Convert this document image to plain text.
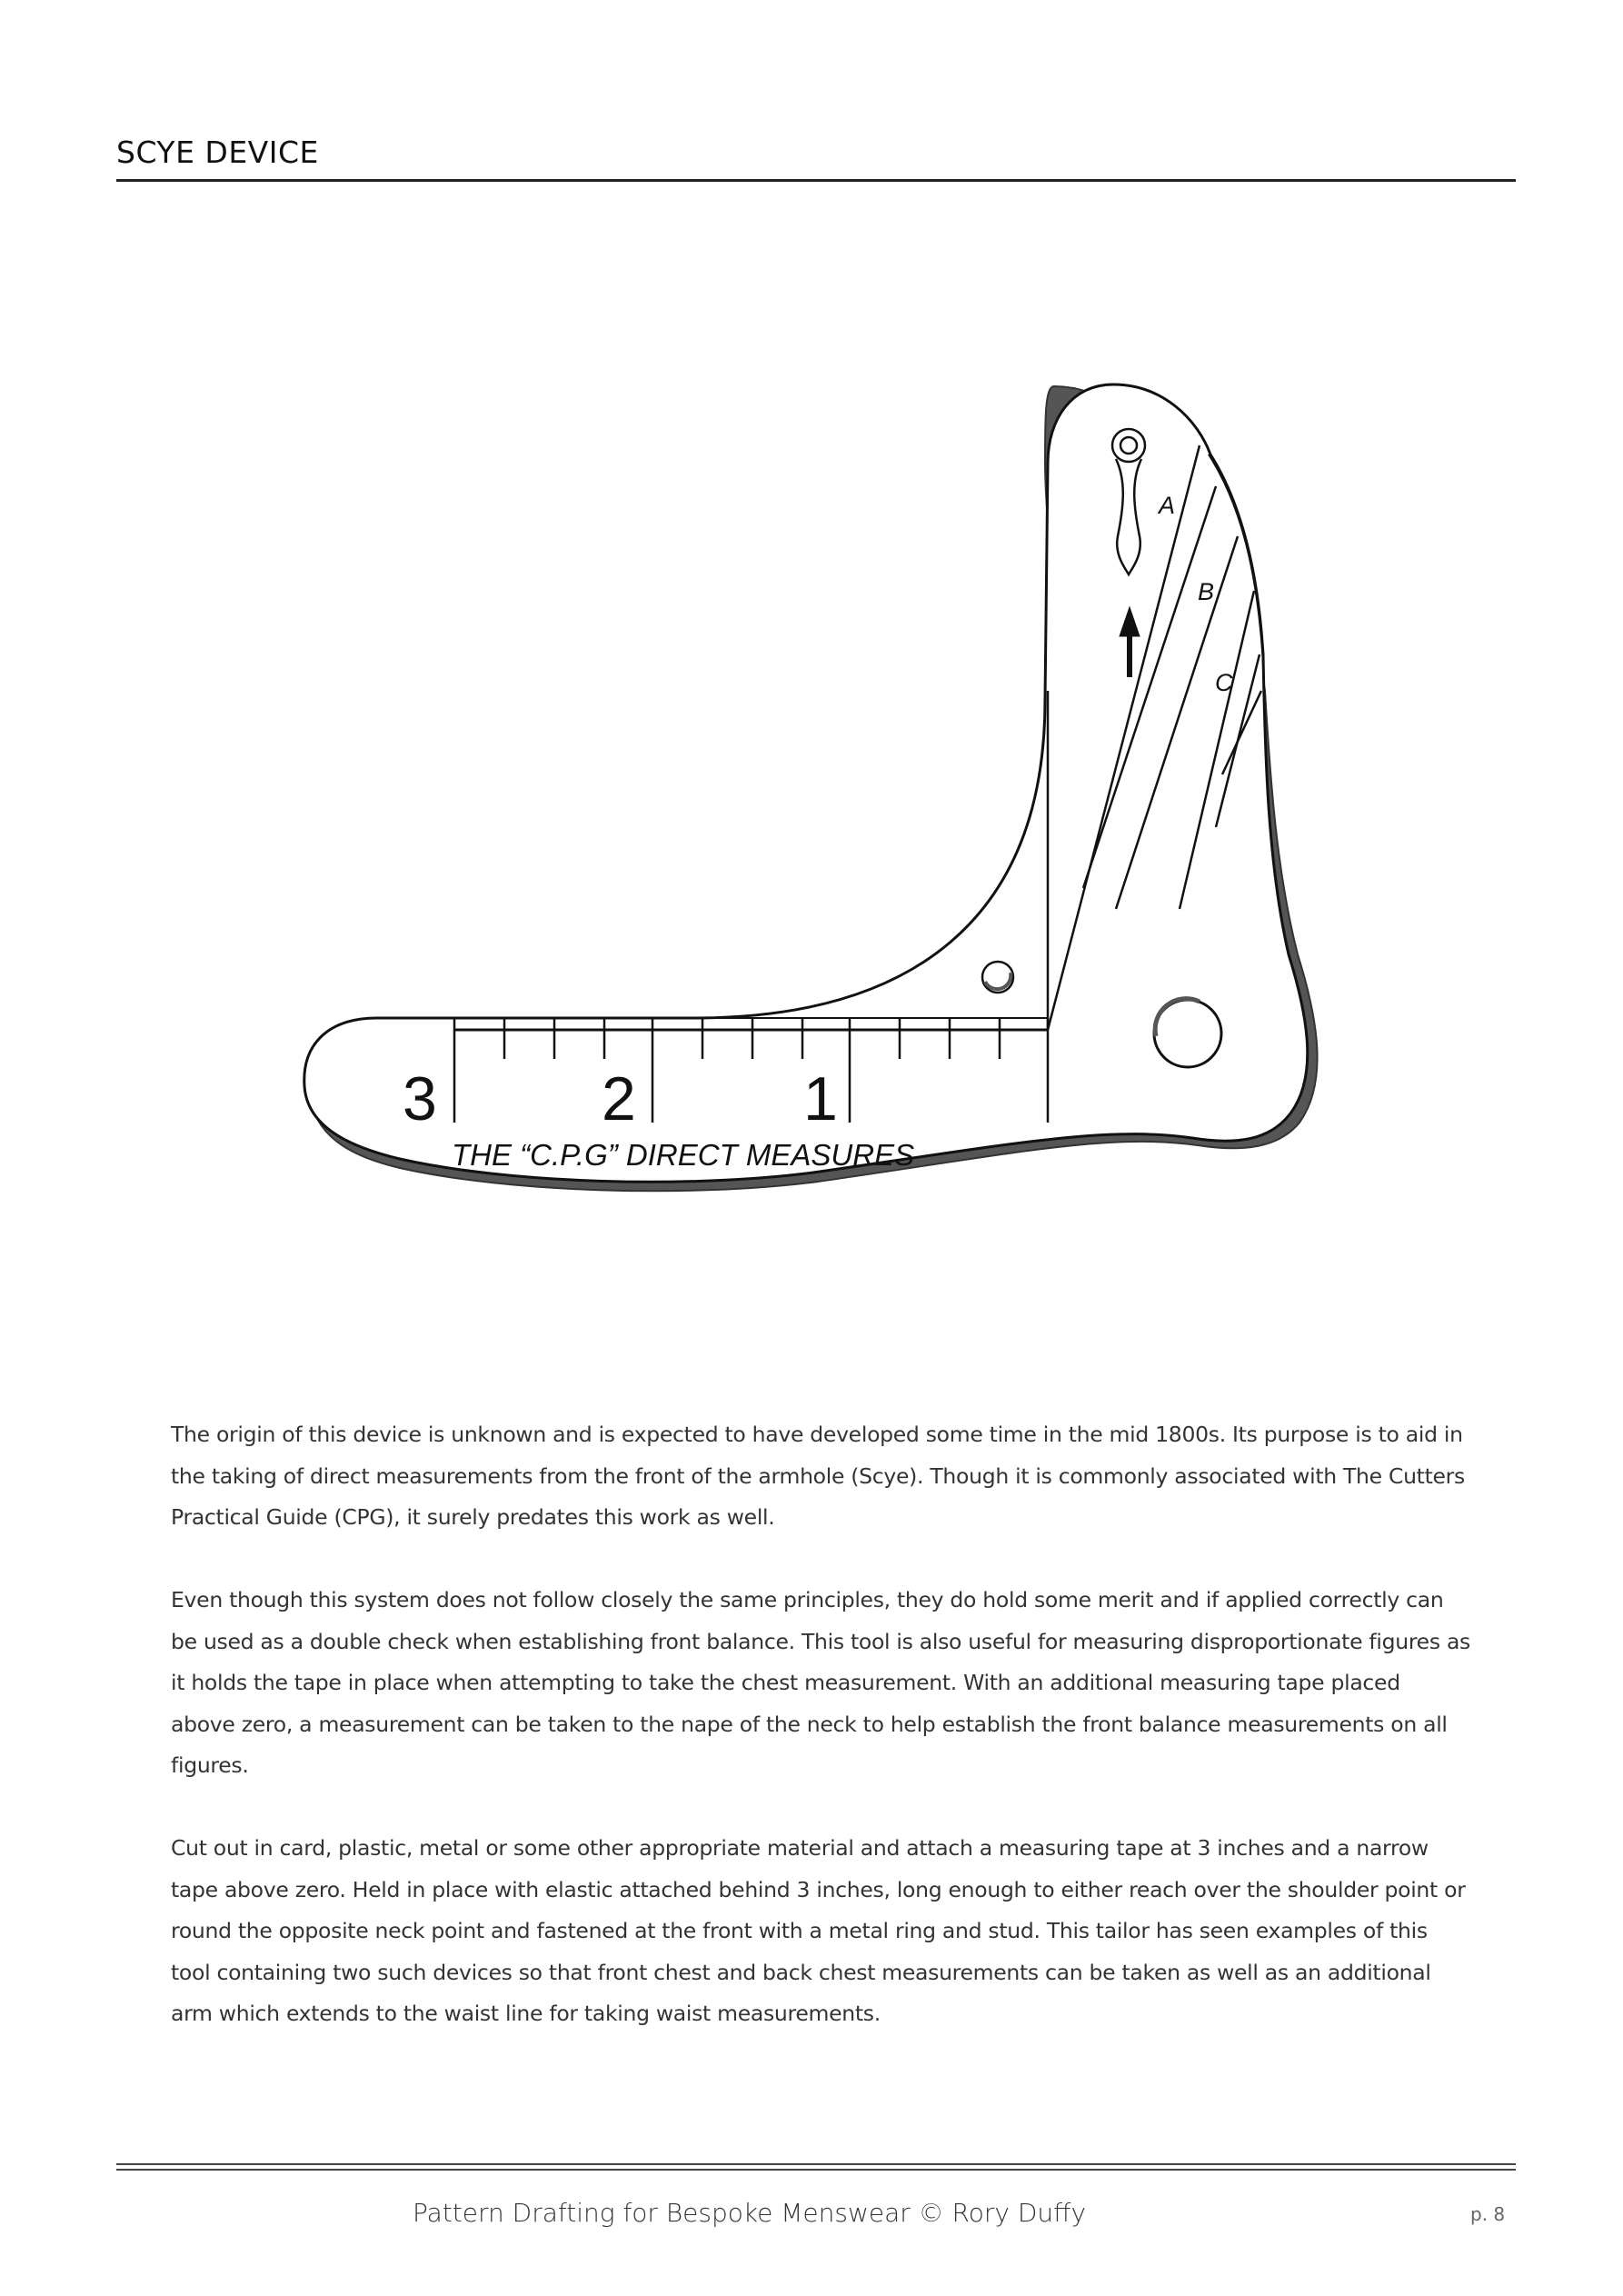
SCYE DEVICE
3	2	1
THE “C.P.G” DIRECT MEASURES
A
B
C

The origin of this device is unknown and is expected to have developed some time in the mid 1800s. Its purpose is to aid in the taking of direct measurements from the front of the armhole (Scye). Though it is commonly associated with The Cutters Practical Guide (CPG), it surely predates this work as well.

Even though this system does not follow closely the same principles, they do hold some merit and if applied correctly can be used as a double check when establishing front balance. This tool is also useful for measuring disproportionate figures as it holds the tape in place when attempting to take the chest measurement. With an additional measuring tape placed above zero, a measurement can be taken to the nape of the neck to help establish the front balance measurements on all figures.

Cut out in card, plastic, metal or some other appropriate material and attach a measuring tape at 3 inches and a narrow tape above zero. Held in place with elastic attached behind 3 inches, long enough to either reach over the shoulder point or round the opposite neck point and fastened at the front with a metal ring and stud. This tailor has seen examples of this tool containing two such devices so that front chest and back chest measurements can be taken as well as an additional arm which extends to the waist line for taking waist measurements.

Pattern Drafting for Bespoke Menswear © Rory Duffy	p. 8
